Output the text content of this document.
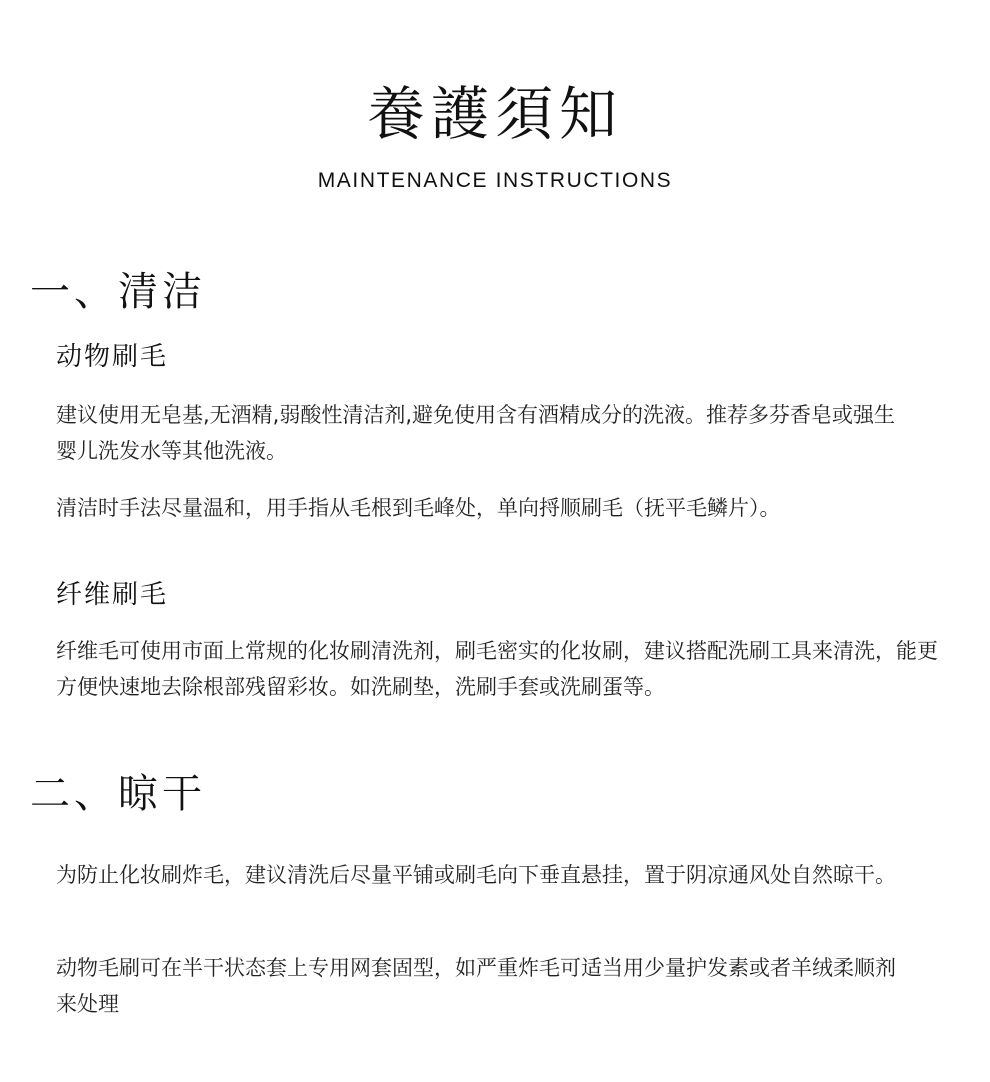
養護須知
MAINTENANCE INSTRUCTIONS
一、清洁
动物刷毛

建议使用无皂基,无酒精,弱酸性清洁剂,避免使用含有酒精成分的洗液。推荐多芬香皂或强生婴儿洗发水等其他洗液。

清洁时手法尽量温和，用手指从毛根到毛峰处，单向捋顺刷毛（抚平毛鳞片）。

纤维刷毛

纤维毛可使用市面上常规的化妆刷清洗剂，刷毛密实的化妆刷，建议搭配洗刷工具来清洗，能更方便快速地去除根部残留彩妆。如洗刷垫，洗刷手套或洗刷蛋等。

二、晾干

为防止化妆刷炸毛，建议清洗后尽量平铺或刷毛向下垂直悬挂，置于阴凉通风处自然晾干。

动物毛刷可在半干状态套上专用网套固型，如严重炸毛可适当用少量护发素或者羊绒柔顺剂来处理
